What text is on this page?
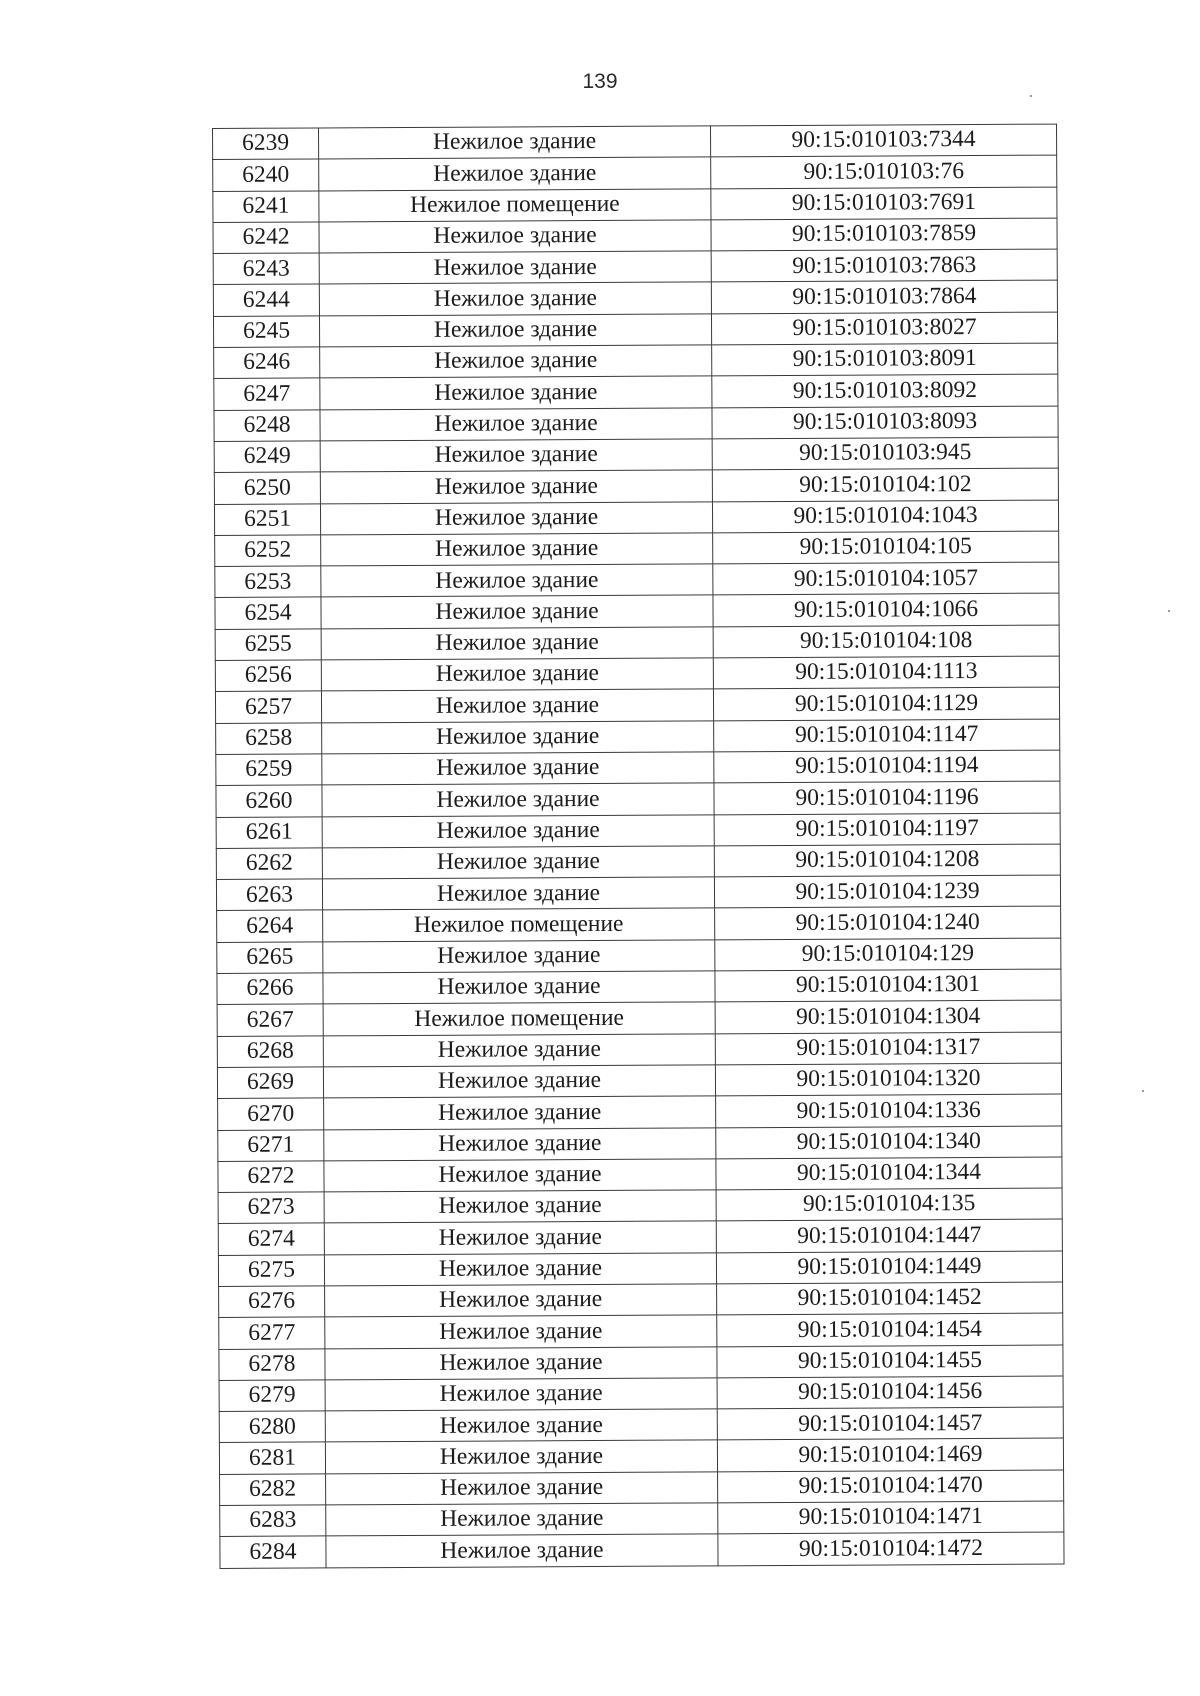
139
6239	Нежилое здание	90:15:010103:7344
6240	Нежилое здание	90:15:010103:76
6241	Нежилое помещение	90:15:010103:7691
6242	Нежилое здание	90:15:010103:7859
6243	Нежилое здание	90:15:010103:7863
6244	Нежилое здание	90:15:010103:7864
6245	Нежилое здание	90:15:010103:8027
6246	Нежилое здание	90:15:010103:8091
6247	Нежилое здание	90:15:010103:8092
6248	Нежилое здание	90:15:010103:8093
6249	Нежилое здание	90:15:010103:945
6250	Нежилое здание	90:15:010104:102
6251	Нежилое здание	90:15:010104:1043
6252	Нежилое здание	90:15:010104:105
6253	Нежилое здание	90:15:010104:1057
6254	Нежилое здание	90:15:010104:1066
6255	Нежилое здание	90:15:010104:108
6256	Нежилое здание	90:15:010104:1113
6257	Нежилое здание	90:15:010104:1129
6258	Нежилое здание	90:15:010104:1147
6259	Нежилое здание	90:15:010104:1194
6260	Нежилое здание	90:15:010104:1196
6261	Нежилое здание	90:15:010104:1197
6262	Нежилое здание	90:15:010104:1208
6263	Нежилое здание	90:15:010104:1239
6264	Нежилое помещение	90:15:010104:1240
6265	Нежилое здание	90:15:010104:129
6266	Нежилое здание	90:15:010104:1301
6267	Нежилое помещение	90:15:010104:1304
6268	Нежилое здание	90:15:010104:1317
6269	Нежилое здание	90:15:010104:1320
6270	Нежилое здание	90:15:010104:1336
6271	Нежилое здание	90:15:010104:1340
6272	Нежилое здание	90:15:010104:1344
6273	Нежилое здание	90:15:010104:135
6274	Нежилое здание	90:15:010104:1447
6275	Нежилое здание	90:15:010104:1449
6276	Нежилое здание	90:15:010104:1452
6277	Нежилое здание	90:15:010104:1454
6278	Нежилое здание	90:15:010104:1455
6279	Нежилое здание	90:15:010104:1456
6280	Нежилое здание	90:15:010104:1457
6281	Нежилое здание	90:15:010104:1469
6282	Нежилое здание	90:15:010104:1470
6283	Нежилое здание	90:15:010104:1471
6284	Нежилое здание	90:15:010104:1472
